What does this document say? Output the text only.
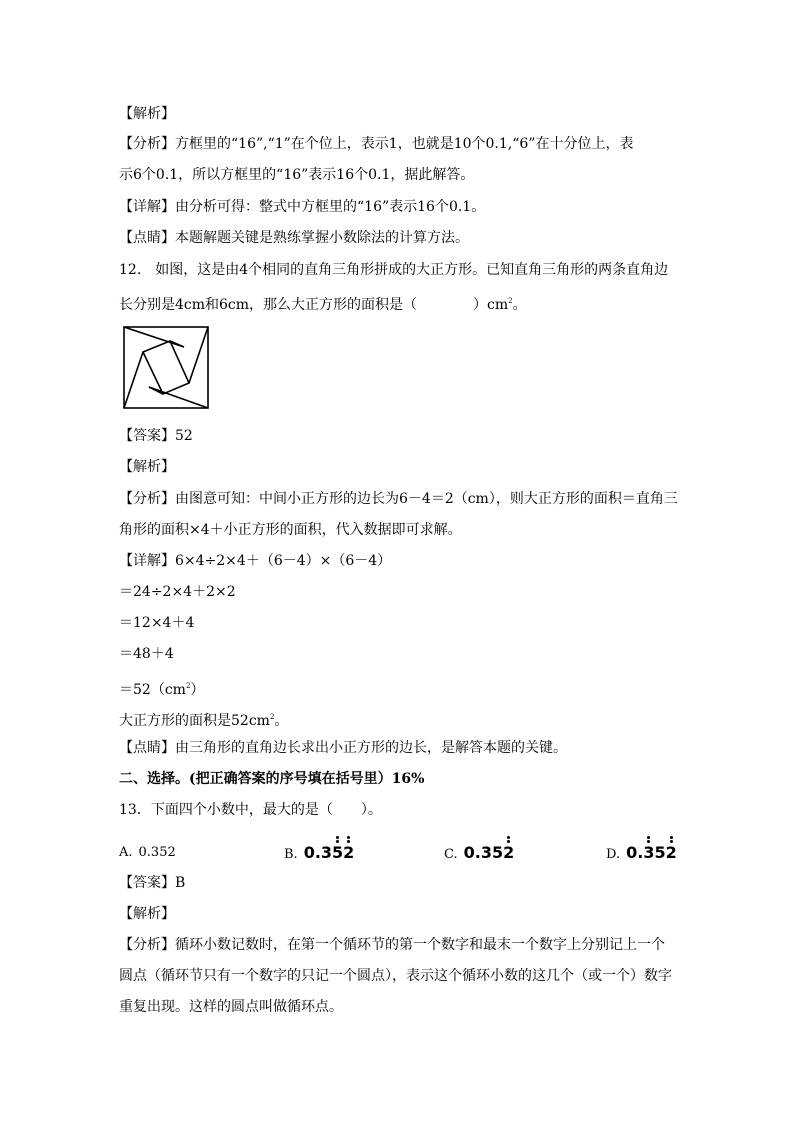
【解析】
【分析】方框里的“16”,“1”在个位上，表示1，也就是10个0.1,“6”在十分位上，表
示6个0.1，所以方框里的“16”表示16个0.1，据此解答。
【详解】由分析可得：整式中方框里的“16”表示16个0.1。
【点睛】本题解题关键是熟练掌握小数除法的计算方法。
12.　如图，这是由4个相同的直角三角形拼成的大正方形。已知直角三角形的两条直角边
长分别是4cm和6cm，那么大正方形的面积是（　　　　）$cm^2$。
【答案】52
【解析】
【分析】由图意可知：中间小正方形的边长为6－4＝2（cm），则大正方形的面积＝直角三
角形的面积×4＋小正方形的面积，代入数据即可求解。
【详解】6×4÷2×4＋（6－4）×（6－4）
＝24÷2×4＋2×2
＝12×4＋4
＝48＋4
$=52(cm^2)$
大正方形的面积是$52cm^2$。
【点睛】由三角形的直角边长求出小正方形的边长，是解答本题的关键。
二、选择。(把正确答案的序号填在括号里）16%
13．下面四个小数中，最大的是（　　）。
A. 0.352	B. 0.352	C. 0.352	D. 0.352
【答案】B
【解析】
【分析】循环小数记数时，在第一个循环节的第一个数字和最末一个数字上分别记上一个
圆点（循环节只有一个数字的只记一个圆点），表示这个循环小数的这几个（或一个）数字
重复出现。这样的圆点叫做循环点。
